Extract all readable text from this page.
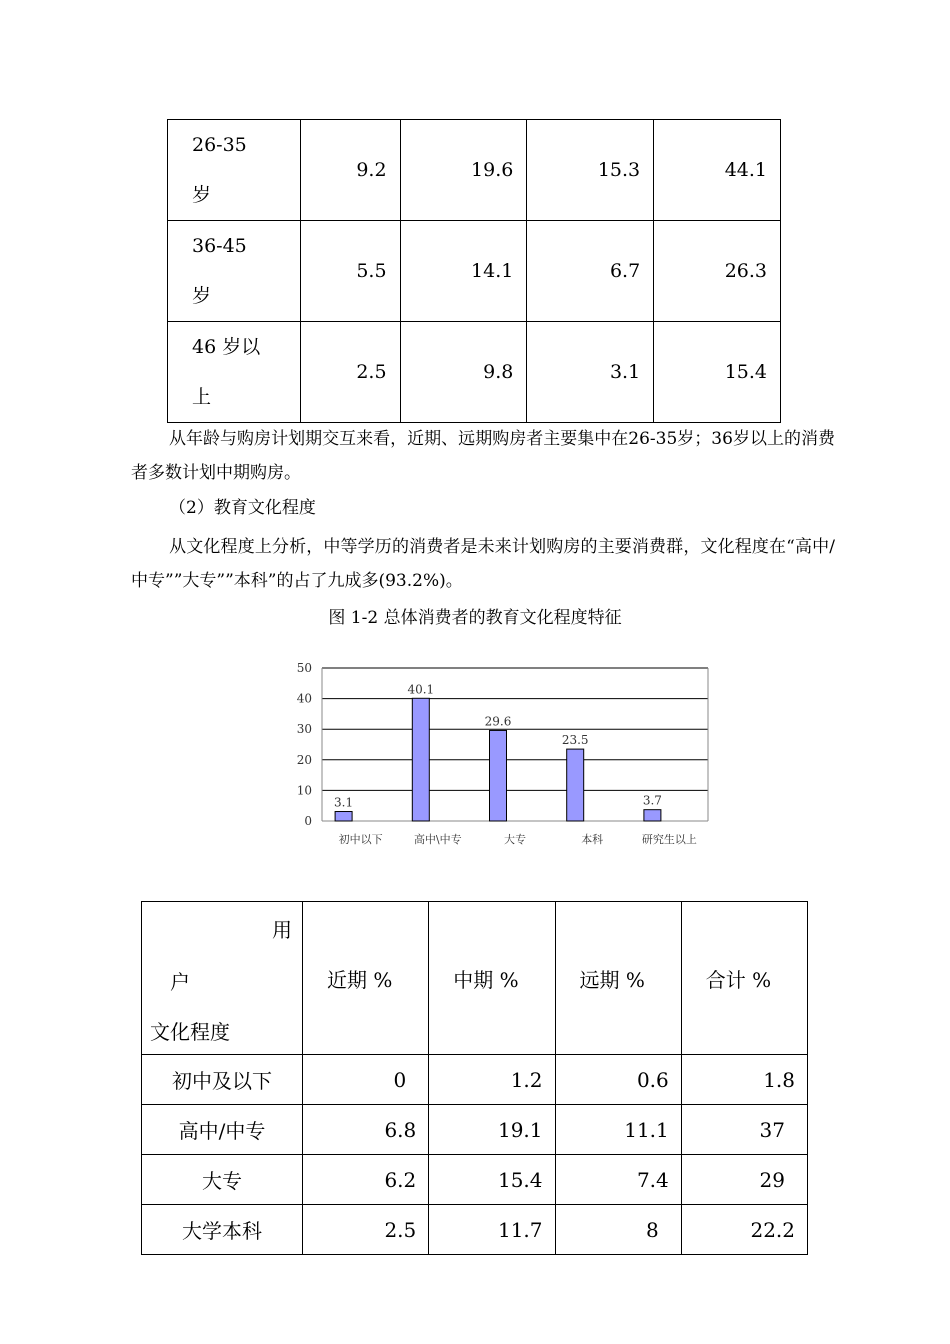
26-35
岁	9.2	19.6	15.3	44.1
36-45
岁	5.5	14.1	6.7	26.3
46 岁以
上	2.5	9.8	3.1	15.4

从年龄与购房计划期交互来看，近期、远期购房者主要集中在26-35岁；36岁以上的消费者多数计划中期购房。

（2）教育文化程度

从文化程度上分析，中等学历的消费者是未来计划购房的主要消费群，文化程度在“高中/中专””大专””本科”的占了九成多(93.2%)。

图 1-2 总体消费者的教育文化程度特征

0
10
20
30
40
50
3.1
初中以下
40.1
高中\中专
29.6
大专
23.5
本科
3.7
研究生以上
用
户
文化程度	近期 %	中期 %	远期 %	合计 %
初中及以下	0	1.2	0.6	1.8
高中/中专	6.8	19.1	11.1	37
大专	6.2	15.4	7.4	29
大学本科	2.5	11.7	8	22.2
